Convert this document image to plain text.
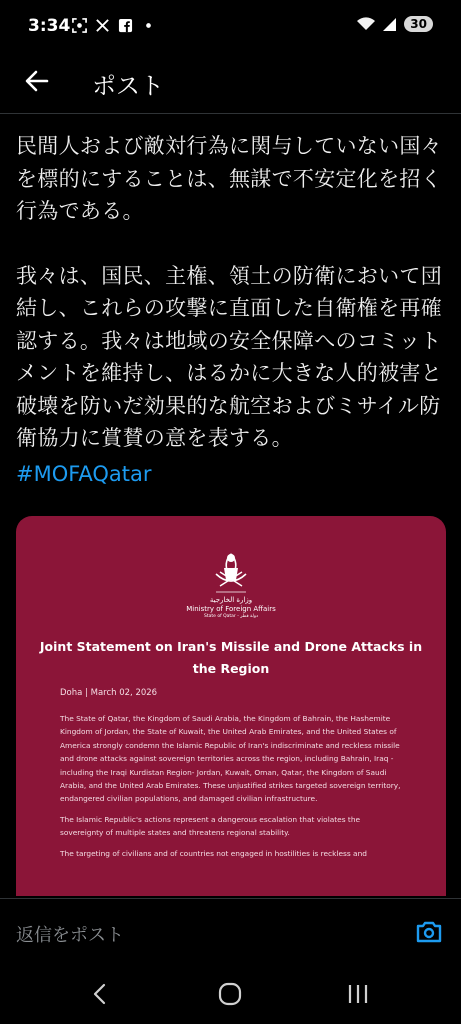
3:34	30
ポスト

民間人および敵対行為に関与していない国々を標的にすることは、無謀で不安定化を招く行為である。

我々は、国民、主権、領土の防衛において団結し、これらの攻撃に直面した自衛権を再確認する。我々は地域の安全保障へのコミットメントを維持し、はるかに大きな人的被害と破壊を防いだ効果的な航空およびミサイル防衛協力に賞賛の意を表する。

#MOFAQatar
وزارة الخارجية
Ministry of Foreign Affairs
State of Qatar - دولة قطر
Joint Statement on Iran's Missile and Drone Attacks in the Region
Doha | March 02, 2026

The State of Qatar, the Kingdom of Saudi Arabia, the Kingdom of Bahrain, the Hashemite Kingdom of Jordan, the State of Kuwait, the United Arab Emirates, and the United States of America strongly condemn the Islamic Republic of Iran's indiscriminate and reckless missile and drone attacks against sovereign territories across the region, including Bahrain, Iraq -including the Iraqi Kurdistan Region- Jordan, Kuwait, Oman, Qatar, the Kingdom of Saudi Arabia, and the United Arab Emirates. These unjustified strikes targeted sovereign territory, endangered civilian populations, and damaged civilian infrastructure.

The Islamic Republic's actions represent a dangerous escalation that violates the sovereignty of multiple states and threatens regional stability.

The targeting of civilians and of countries not engaged in hostilities is reckless and

返信をポスト
